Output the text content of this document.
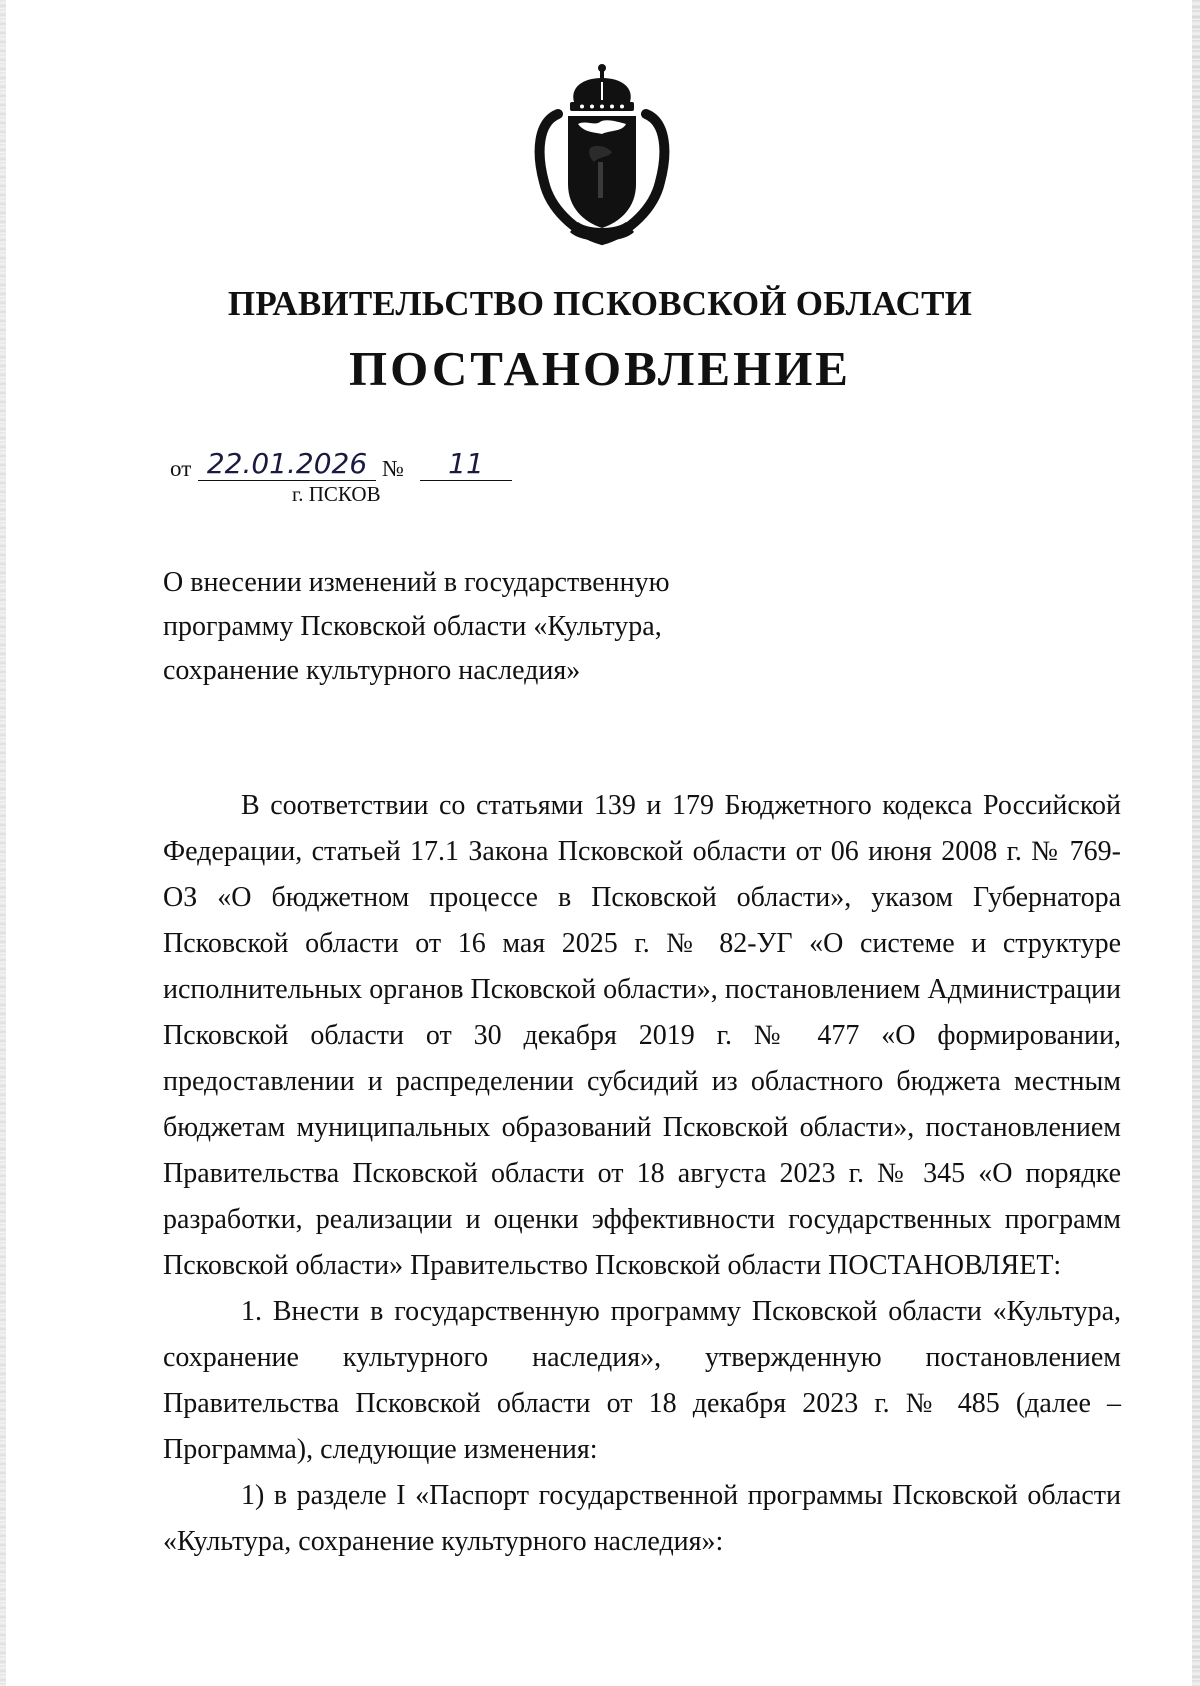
ПРАВИТЕЛЬСТВО ПСКОВСКОЙ ОБЛАСТИ
ПОСТАНОВЛЕНИЕ
от 22.01.2026 №	11
г. ПСКОВ
О внесении изменений в государственную
программу Псковской области «Культура,
сохранение культурного наследия»

В соответствии со статьями 139 и 179 Бюджетного кодекса Российской Федерации, статьей 17.1 Закона Псковской области от 06 июня 2008 г. № 769-ОЗ «О бюджетном процессе в Псковской области», указом Губернатора Псковской области от 16 мая 2025 г. № 82-УГ «О системе и структуре исполнительных органов Псковской области», постановлением Администрации Псковской области от 30 декабря 2019 г. № 477 «О формировании, предоставлении и распределении субсидий из областного бюджета местным бюджетам муниципальных образований Псковской области», постановлением Правительства Псковской области от 18 августа 2023 г. № 345 «О порядке разработки, реализации и оценки эффективности государственных программ Псковской области» Правительство Псковской области ПОСТАНОВЛЯЕТ:

1. Внести в государственную программу Псковской области «Культура, сохранение культурного наследия», утвержденную постановлением Правительства Псковской области от 18 декабря 2023 г. № 485 (далее – Программа), следующие изменения:

1) в разделе I «Паспорт государственной программы Псковской области «Культура, сохранение культурного наследия»:
